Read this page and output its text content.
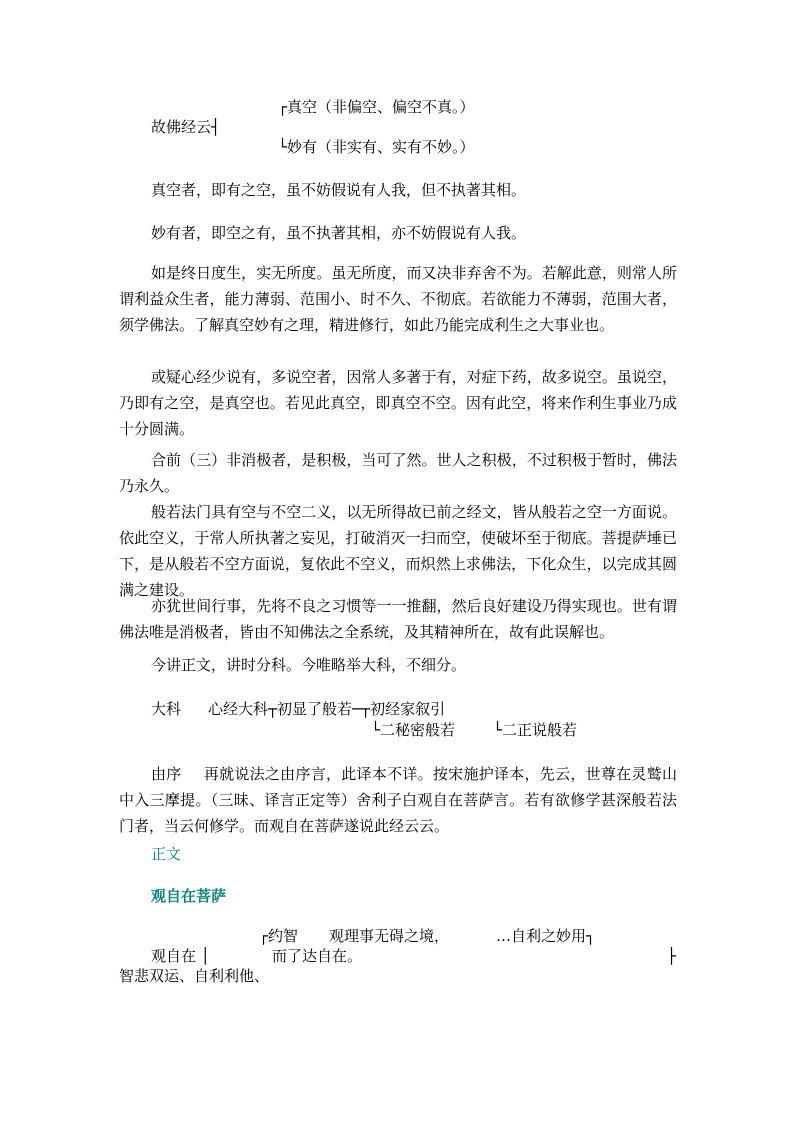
┌真空（非偏空、偏空不真。）
故佛经云┤
└妙有（非实有、实有不妙。）
真空者，即有之空，虽不妨假说有人我，但不执著其相。
妙有者，即空之有，虽不执著其相，亦不妨假说有人我。

如是终日度生，实无所度。虽无所度，而又决非弃舍不为。若解此意，则常人所谓利益众生者，能力薄弱、范围小、时不久、不彻底。若欲能力不薄弱，范围大者，须学佛法。了解真空妙有之理，精进修行，如此乃能完成利生之大事业也。

或疑心经少说有，多说空者，因常人多著于有，对症下药，故多说空。虽说空，乃即有之空，是真空也。若见此真空，即真空不空。因有此空，将来作利生事业乃成十分圆满。

合前（三）非消极者，是积极，当可了然。世人之积极，不过积极于暂时，佛法乃永久。

般若法门具有空与不空二义，以无所得故已前之经文，皆从般若之空一方面说。依此空义，于常人所执著之妄见，打破消灭一扫而空，使破坏至于彻底。菩提萨埵已下，是从般若不空方面说，复依此不空义，而炽然上求佛法，下化众生，以完成其圆满之建设。

亦犹世间行事，先将不良之习惯等一一推翻，然后良好建设乃得实现也。世有谓佛法唯是消极者，皆由不知佛法之全系统，及其精神所在，故有此误解也。

今讲正文，讲时分科。今唯略举大科，不细分。
大科 心经大科┬初显了般若─┬初经家叙引
└二秘密般若	└二正说般若

由序 再就说法之由序言，此译本不详。按宋施护译本，先云，世尊在灵鹫山中入三摩提。（三昧、译言正定等）舍利子白观自在菩萨言。若有欲修学甚深般若法门者，当云何修学。而观自在菩萨遂说此经云云。

正文
观自在菩萨
┌约智 观理事无碍之境，	…自利之妙用┐
观自在 │	而了达自在。	├
智悲双运、自利利他、
